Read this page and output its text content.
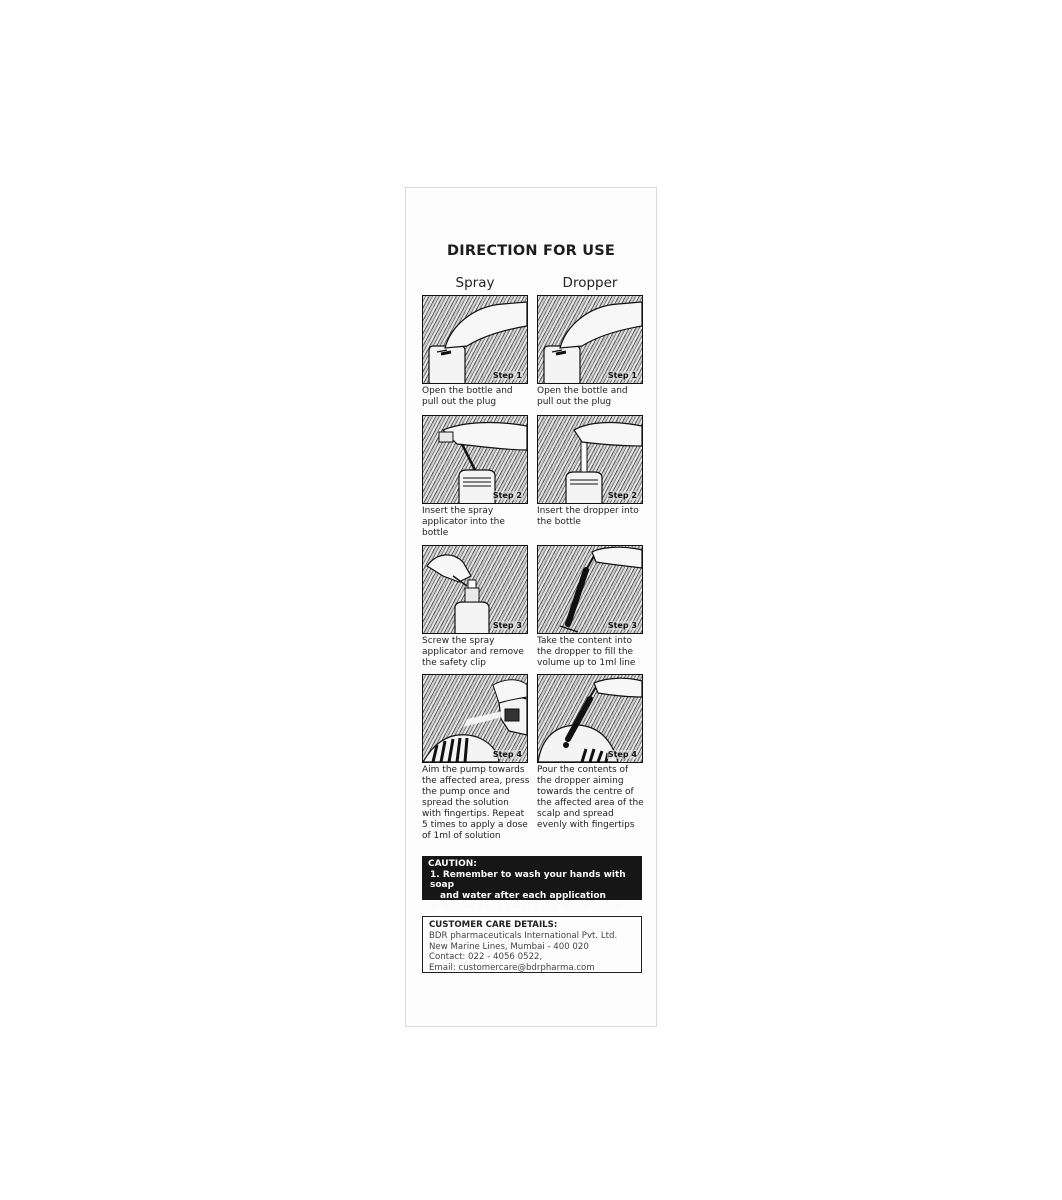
DIRECTION FOR USE
Spray	Dropper
Step 1
Open the bottle and pull out the plug
Step 2
Insert the spray applicator into the bottle
Step 3
Screw the spray applicator and remove the safety clip
Step 4
Aim the pump towards the affected area, press the pump once and spread the solution with fingertips. Repeat 5 times to apply a dose of 1ml of solution
Step 1
Open the bottle and pull out the plug
Step 2
Insert the dropper into the bottle
Step 3
Take the content into the dropper to fill the volume up to 1ml line
Step 4
Pour the contents of the dropper aiming towards the centre of the affected area of the scalp and spread evenly with fingertips
CAUTION:
1. Remember to wash your hands with soap
and water after each application
2. Replace the safety clip when not in use
CUSTOMER CARE DETAILS:
BDR pharmaceuticals International Pvt. Ltd.
New Marine Lines, Mumbai - 400 020
Contact: 022 - 4056 0522,
Email: customercare@bdrpharma.com
